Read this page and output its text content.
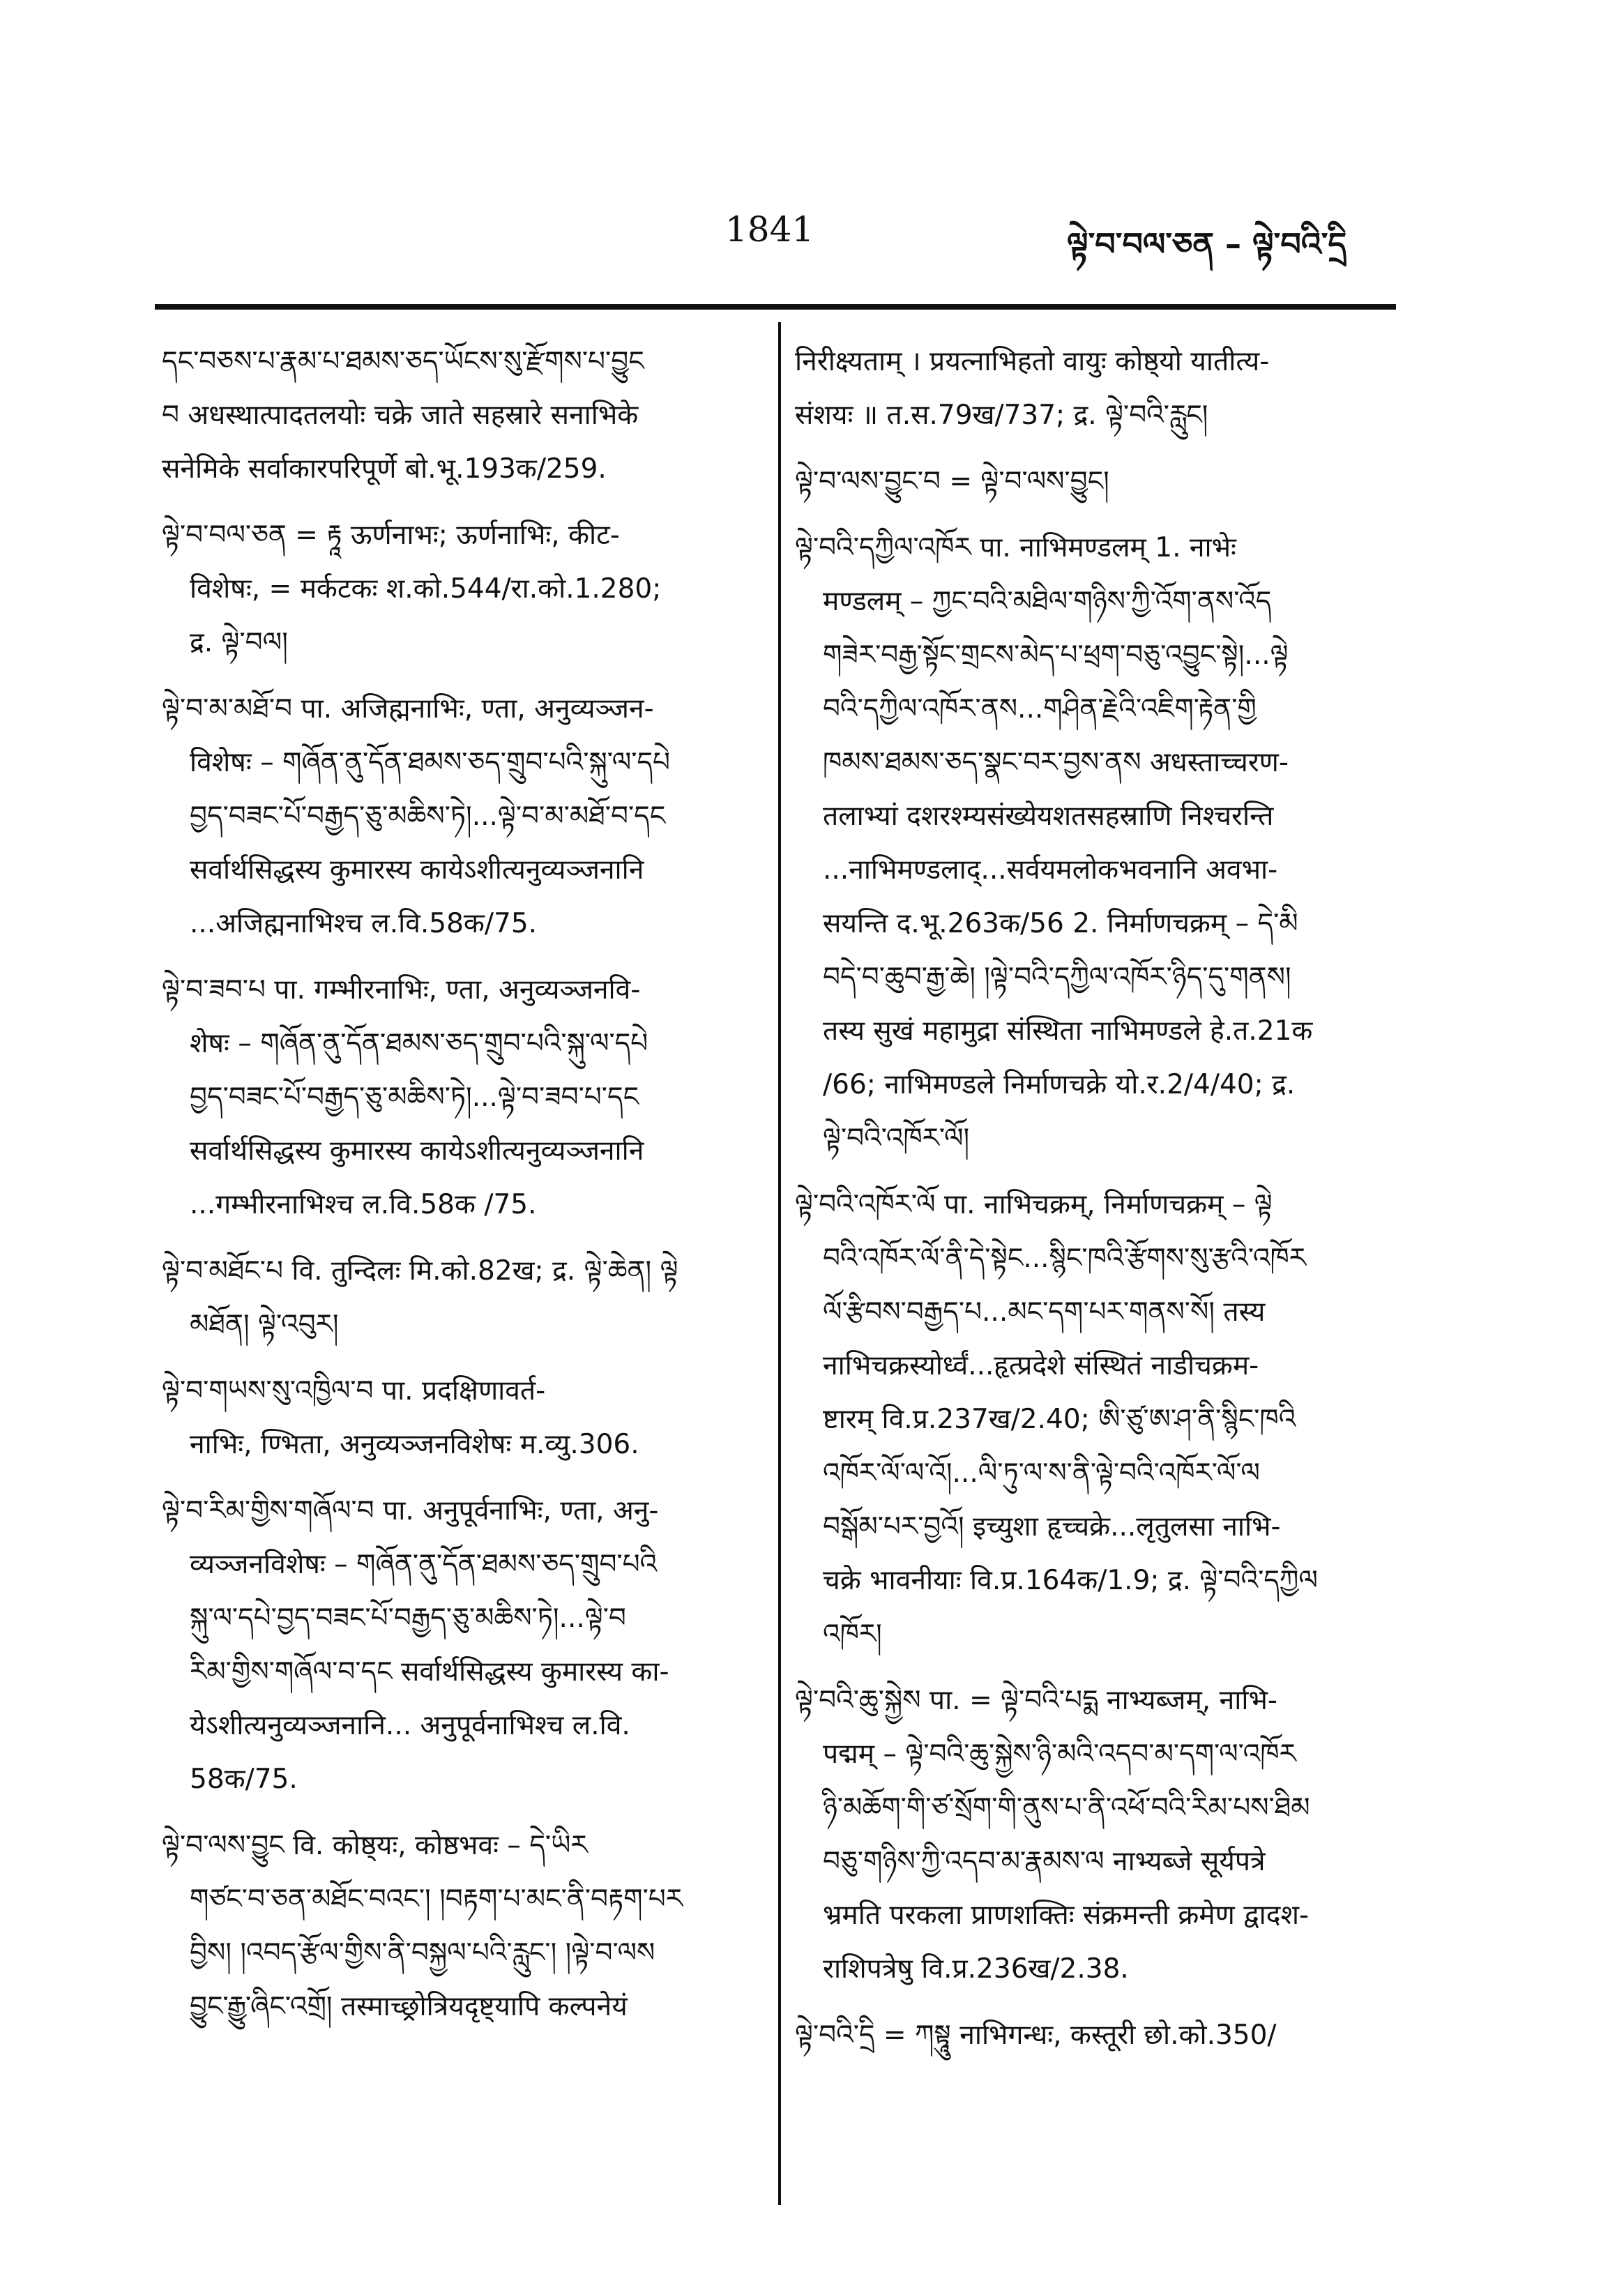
1841	ལྟེ་བ་བལ་ཅན – ལྟེ་བའི་དྲི
དང་བཅས་པ་རྣམ་པ་ཐམས་ཅད་ཡོངས་སུ་རྫོགས་པ་བྱུང
བ अधस्थात्पादतलयोः चक्रे जाते सहस्रारे सनाभिके
सनेमिके सर्वाकारपरिपूर्णे बो.भू.193क/259.
ལྟེ་བ་བལ་ཅན = རྟཱ ऊर्णनाभः; ऊर्णनाभिः, कीट-
विशेषः, = मर्कटकः श.को.544/रा.को.1.280;
द्र. ལྟེ་བལ།
ལྟེ་བ་མ་མཐོ་བ पा. अजिह्मनाभिः, ण्ता, अनुव्यञ्जन-
विशेषः – གཞོན་ནུ་དོན་ཐམས་ཅད་གྲུབ་པའི་སྐུ་ལ་དཔེ
བྱད་བཟང་པོ་བརྒྱད་ཅུ་མཆིས་ཏེ།...ལྟེ་བ་མ་མཐོ་བ་དང
सर्वार्थसिद्धस्य कुमारस्य कायेऽशीत्यनुव्यञ्जनानि
...अजिह्मनाभिश्च ल.वि.58क/75.
ལྟེ་བ་ཟབ་པ पा. गम्भीरनाभिः, ण्ता, अनुव्यञ्जनवि-
शेषः – གཞོན་ནུ་དོན་ཐམས་ཅད་གྲུབ་པའི་སྐུ་ལ་དཔེ
བྱད་བཟང་པོ་བརྒྱད་ཅུ་མཆིས་ཏེ།...ལྟེ་བ་ཟབ་པ་དང
सर्वार्थसिद्धस्य कुमारस्य कायेऽशीत्यनुव्यञ्जनानि
...गम्भीरनाभिश्च ल.वि.58क /75.
ལྟེ་བ་མཐོང་པ वि. तुन्दिलः मि.को.82ख; द्र. ལྟེ་ཆེན། ལྟེ
མཐོན། ལྟེ་འབུར།
ལྟེ་བ་གཡས་སུ་འཁྱིལ་བ पा. प्रदक्षिणावर्त-
नाभिः, ण्भिता, अनुव्यञ्जनविशेषः म.व्यु.306.
ལྟེ་བ་རིམ་གྱིས་གཞོལ་བ पा. अनुपूर्वनाभिः, ण्ता, अनु-
व्यञ्जनविशेषः – གཞོན་ནུ་དོན་ཐམས་ཅད་གྲུབ་པའི
སྐུ་ལ་དཔེ་བྱད་བཟང་པོ་བརྒྱད་ཅུ་མཆིས་ཏེ།...ལྟེ་བ
རིམ་གྱིས་གཞོལ་བ་དང सर्वार्थसिद्धस्य कुमारस्य का-
येऽशीत्यनुव्यञ्जनानि... अनुपूर्वनाभिश्च ल.वि.
58क/75.
ལྟེ་བ་ལས་བྱུང वि. कोष्ठ्यः, कोष्ठभवः – དེ་ཡིར
གཙང་བ་ཅན་མཐོང་བའང་། །བརྟག་པ་མང་ནི་བརྟག་པར
བྱིས། །འབད་རྩོལ་གྱིས་ནི་བསྐྱལ་པའི་རླུང་། །ལྟེ་བ་ལས
བྱུང་རྒྱུ་ཞིང་འགྲོ། तस्माच्छ्रोत्रियदृष्ट्यापि कल्पनेयं
निरीक्ष्यताम् । प्रयत्नाभिहतो वायुः कोष्ठ्यो यातीत्य-
संशयः ॥ त.स.79ख/737; द्र. ལྟེ་བའི་རླུང།
ལྟེ་བ་ལས་བྱུང་བ = ལྟེ་བ་ལས་བྱུང།
ལྟེ་བའི་དཀྱིལ་འཁོར पा. नाभिमण्डलम् 1. नाभेः
मण्डलम् – ཀྱང་བའི་མཐིལ་གཉིས་ཀྱི་འོག་ནས་འོད
གཟེར་བརྒྱ་སྟོང་གྲངས་མེད་པ་ཕྲག་བཅུ་འབྱུང་སྟེ།...ལྟེ
བའི་དཀྱིལ་འཁོར་ནས...གཤིན་རྗེའི་འཇིག་རྟེན་གྱི
ཁམས་ཐམས་ཅད་སྣང་བར་བྱས་ནས अधस्ताच्चरण-
तलाभ्यां दशरश्म्यसंख्येयशतसहस्राणि निश्चरन्ति
...नाभिमण्डलाद्...सर्वयमलोकभवनानि अवभा-
सयन्ति द.भू.263क/56 2. निर्माणचक्रम् – དེ་མི
བདེ་བ་ཆུབ་རྒྱ་ཆེ། །ལྟེ་བའི་དཀྱིལ་འཁོར་ཉིད་དུ་གནས།
तस्य सुखं महामुद्रा संस्थिता नाभिमण्डले हे.त.21क
/66; नाभिमण्डले निर्माणचक्रे यो.र.2/4/40; द्र.
ལྟེ་བའི་འཁོར་ལོ།
ལྟེ་བའི་འཁོར་ལོ पा. नाभिचक्रम्, निर्माणचक्रम् – ལྟེ
བའི་འཁོར་ལོ་ནི་དེ་སྟེང...སྙིང་ཁའི་རྩོགས་སུ་རྩའི་འཁོར
ལོ་རྩིབས་བརྒྱད་པ...མང་དག་པར་གནས་སོ། तस्य
नाभिचक्रस्योर्ध्वं...हृत्प्रदेशे संस्थितं नाडीचक्रम-
ष्टारम् वि.प्र.237ख/2.40; ཨི་ཙུ་ཨ་ཤ་ནི་སྙིང་ཁའི
འཁོར་ལོ་ལ་འོ།...ལི་ཏུ་ལ་ས་ནི་ལྟེ་བའི་འཁོར་ལོ་ལ
བསྒོམ་པར་བྱའོ། इच्युशा हृच्चक्रे...लृतुलसा नाभि-
चक्रे भावनीयाः वि.प्र.164क/1.9; द्र. ལྟེ་བའི་དཀྱིལ
འཁོར།
ལྟེ་བའི་ཆུ་སྐྱེས पा. = ལྟེ་བའི་པདྨ नाभ्यब्जम्, नाभि-
पद्मम् – ལྟེ་བའི་ཆུ་སྐྱེས་ཉི་མའི་འདབ་མ་དག་ལ་འཁོར
ཉི་མཆོག་གི་ཙ་སྲོག་གི་ནུས་པ་ནི་འཕོ་བའི་རིམ་པས་ཐིམ
བཅུ་གཉིས་ཀྱི་འདབ་མ་རྣམས་ལ नाभ्यब्जे सूर्यपत्रे
भ्रमति परकला प्राणशक्तिः संक्रमन्ती क्रमेण द्वादश-
राशिपत्रेषु वि.प्र.236ख/2.38.
ལྟེ་བའི་དྲི = ཀསྟཱུ नाभिगन्धः, कस्तूरी छो.को.350/
